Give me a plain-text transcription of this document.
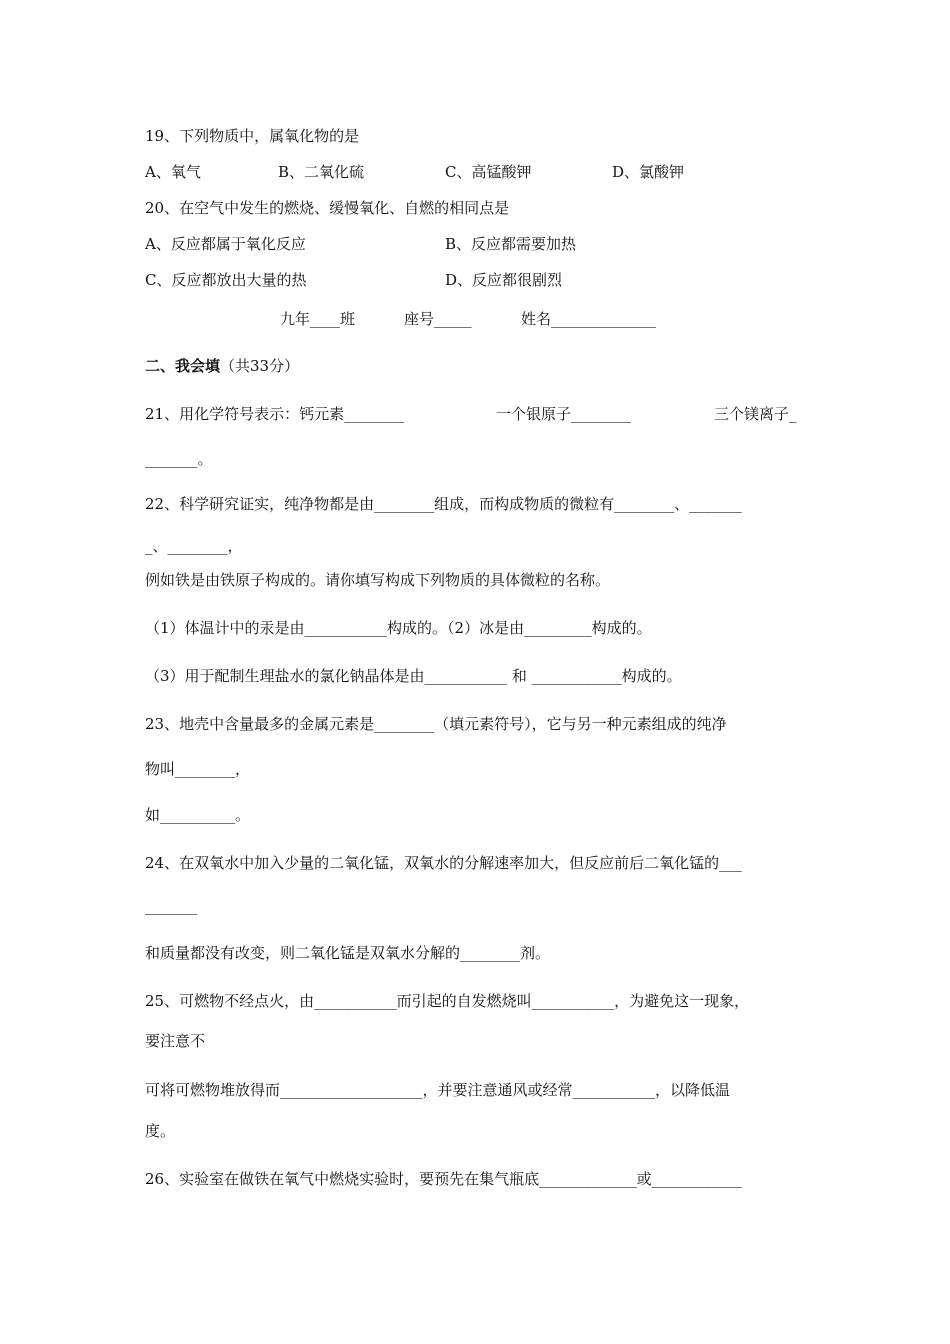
19、下列物质中，属氧化物的是
A、氧气	B、二氧化硫	C、高锰酸钾	D、氯酸钾
20、在空气中发生的燃烧、缓慢氧化、自燃的相同点是
A、反应都属于氧化反应	B、反应都需要加热
C、反应都放出大量的热	D、反应都很剧烈
九年____班	座号_____	姓名______________
二、我会填（共33分）
21、用化学符号表示：钙元素________	一个银原子________	三个镁离子_
_______。
22、科学研究证实，纯净物都是由________组成，而构成物质的微粒有________、_______
_、________，
例如铁是由铁原子构成的。请你填写构成下列物质的具体微粒的名称。
（1）体温计中的汞是由___________构成的。（2）冰是由_________构成的。
（3）用于配制生理盐水的氯化钠晶体是由___________ 和 ____________构成的。
23、地壳中含量最多的金属元素是________（填元素符号），它与另一种元素组成的纯净
物叫________，
如__________。
24、在双氧水中加入少量的二氧化锰，双氧水的分解速率加大，但反应前后二氧化锰的___
_______
和质量都没有改变，则二氧化锰是双氧水分解的________剂。
25、可燃物不经点火，由___________而引起的自发燃烧叫___________，为避免这一现象，
要注意不
可将可燃物堆放得而___________________，并要注意通风或经常___________，以降低温
度。
26、实验室在做铁在氧气中燃烧实验时，要预先在集气瓶底_____________或____________
